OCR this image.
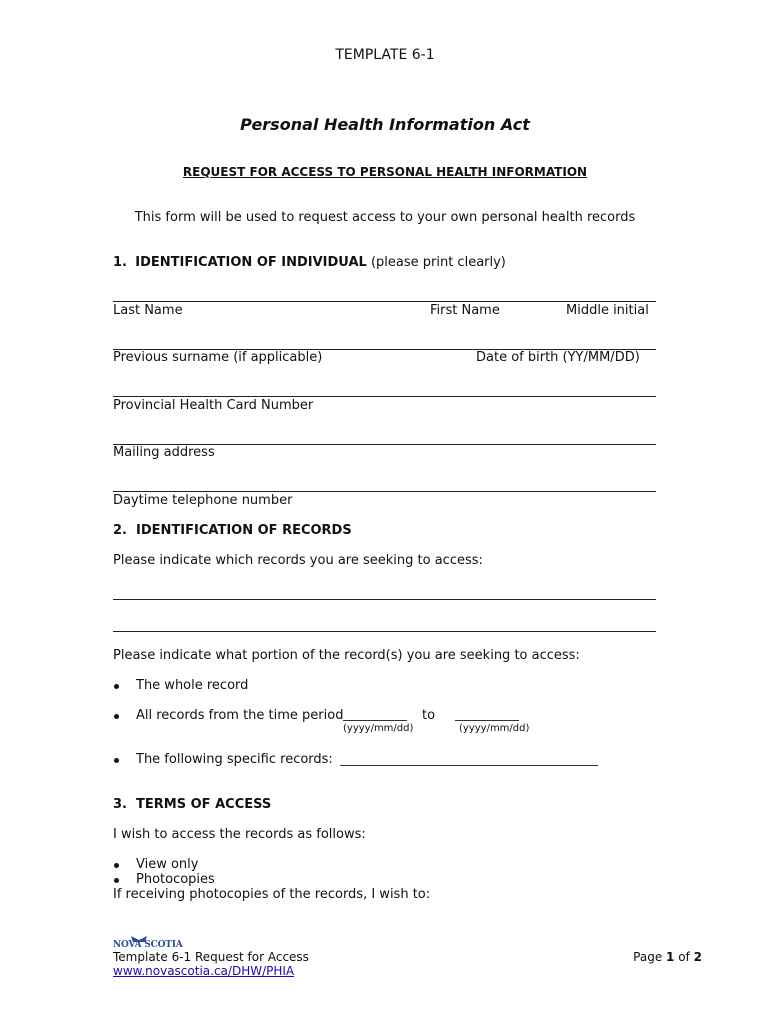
TEMPLATE 6-1
Personal Health Information Act
REQUEST FOR ACCESS TO PERSONAL HEALTH INFORMATION
This form will be used to request access to your own personal health records
1. IDENTIFICATION OF INDIVIDUAL (please print clearly)
Last Name	First Name	Middle initial
Previous surname (if applicable)	Date of birth (YY/MM/DD)
Provincial Health Card Number
Mailing address
Daytime telephone number
2. IDENTIFICATION OF RECORDS
Please indicate which records you are seeking to access:
Please indicate what portion of the record(s) you are seeking to access:
The whole record
All records from the time period	to
(yyyy/mm/dd)	(yyyy/mm/dd)
The following specific records:
3. TERMS OF ACCESS
I wish to access the records as follows:
View only
Photocopies
If receiving photocopies of the records, I wish to:
NOVA SCOTIA
Template 6-1 Request for Access
www.novascotia.ca/DHW/PHIA
Page 1 of 2
